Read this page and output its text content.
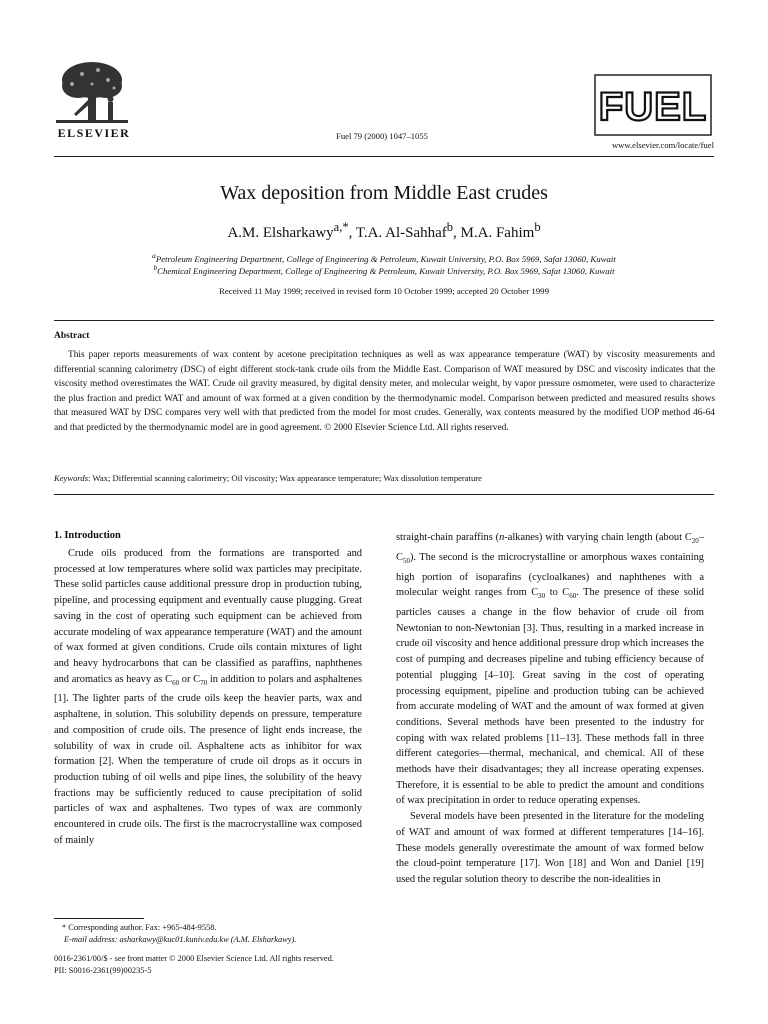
ELSEVIER	Fuel 79 (2000) 1047–1055
FUEL
www.elsevier.com/locate/fuel
Wax deposition from Middle East crudes
A.M. Elsharkawy$^{a,*}$, T.A. Al-Sahhaf$^b$, M.A. Fahim$^b$
$^a$Petroleum Engineering Department, College of Engineering & Petroleum, Kuwait University, P.O. Box 5969, Safat 13060, Kuwait
$^b$Chemical Engineering Department, College of Engineering & Petroleum, Kuwait University, P.O. Box 5969, Safat 13060, Kuwait
Received 11 May 1999; received in revised form 10 October 1999; accepted 20 October 1999
Abstract

This paper reports measurements of wax content by acetone precipitation techniques as well as wax appearance temperature (WAT) by viscosity measurements and differential scanning calorimetry (DSC) of eight different stock-tank crude oils from the Middle East. Comparison of WAT measured by DSC and viscosity indicates that the viscosity method overestimates the WAT. Crude oil gravity measured, by digital density meter, and molecular weight, by vapor pressure osmometer, were used to characterize the plus fraction and predict WAT and amount of wax formed at a given condition by the thermodynamic model. Comparison between predicted and measured results shows that measured WAT by DSC compares very well with that predicted from the model for most crudes. Generally, wax contents measured by the modified UOP method 46-64 and that predicted by the thermodynamic model are in good agreement. © 2000 Elsevier Science Ltd. All rights reserved.

Keywords: Wax; Differential scanning calorimetry; Oil viscosity; Wax appearance temperature; Wax dissolution temperature
1. Introduction

Crude oils produced from the formations are transported and processed at low temperatures where solid wax particles may precipitate. These solid particles cause additional pressure drop in production tubing, pipeline, and processing equipment and eventually cause plugging. Great saving in the cost of operating such equipment can be achieved from accurate modeling of wax appearance temperature (WAT) and the amount of wax formed at given conditions. Crude oils contain mixtures of light and heavy hydrocarbons that can be classified as paraffins, naphthenes and aromatics as heavy as $C_{60}$ or $C_{70}$ in addition to polars and asphaltenes [1]. The lighter parts of the crude oils keep the heavier parts, wax and asphaltene, in solution. This solubility depends on pressure, temperature and composition of crude oils. The presence of light ends increase, the solubility of wax in crude oil. Asphaltene acts as inhibitor for wax formation [2]. When the temperature of crude oil drops as it occurs in production tubing of oil wells and pipe lines, the solubility of the heavy fractions may be sufficiently reduced to cause precipitation of solid particles of wax and asphaltenes. Two types of wax are commonly encountered in crude oils. The first is the macrocrystalline wax composed of mainly

straight-chain paraffins (n-alkanes) with varying chain length (about $C_{20}-C_{50}$). The second is the microcrystalline or amorphous waxes containing high portion of isoparafins (cycloalkanes) and naphthenes with a molecular weight ranges from $C_{30}$ to $C_{60}$. The presence of these solid particles causes a change in the flow behavior of crude oil from Newtonian to non-Newtonian [3]. Thus, resulting in a marked increase in crude oil viscosity and hence additional pressure drop which increases the cost of pumping and decreases pipeline and tubing efficiency because of potential plugging [4–10]. Great saving in the cost of operating processing equipment, pipeline and production tubing can be achieved from accurate modeling of WAT and the amount of wax formed at given conditions. Several methods have been presented to the industry for coping with wax related problems [11–13]. These methods fall in three different categories—thermal, mechanical, and chemical. All of these methods have their disadvantages; they all increase operating expenses. Therefore, it is essential to be able to predict the amount and conditions of wax precipitation in order to reduce operating expenses.

Several models have been presented in the literature for the modeling of WAT and amount of wax formed at different temperatures [14–16]. These models generally overestimate the amount of wax formed below the cloud-point temperature [17]. Won [18] and Won and Daniel [19] used the regular solution theory to describe the non-idealities in

* Corresponding author. Fax: +965-484-9558.
E-mail address: asharkawy@kuc01.kuniv.edu.kw (A.M. Elsharkawy).
0016-2361/00/$ - see front matter © 2000 Elsevier Science Ltd. All rights reserved.
PII: S0016-2361(99)00235-5
